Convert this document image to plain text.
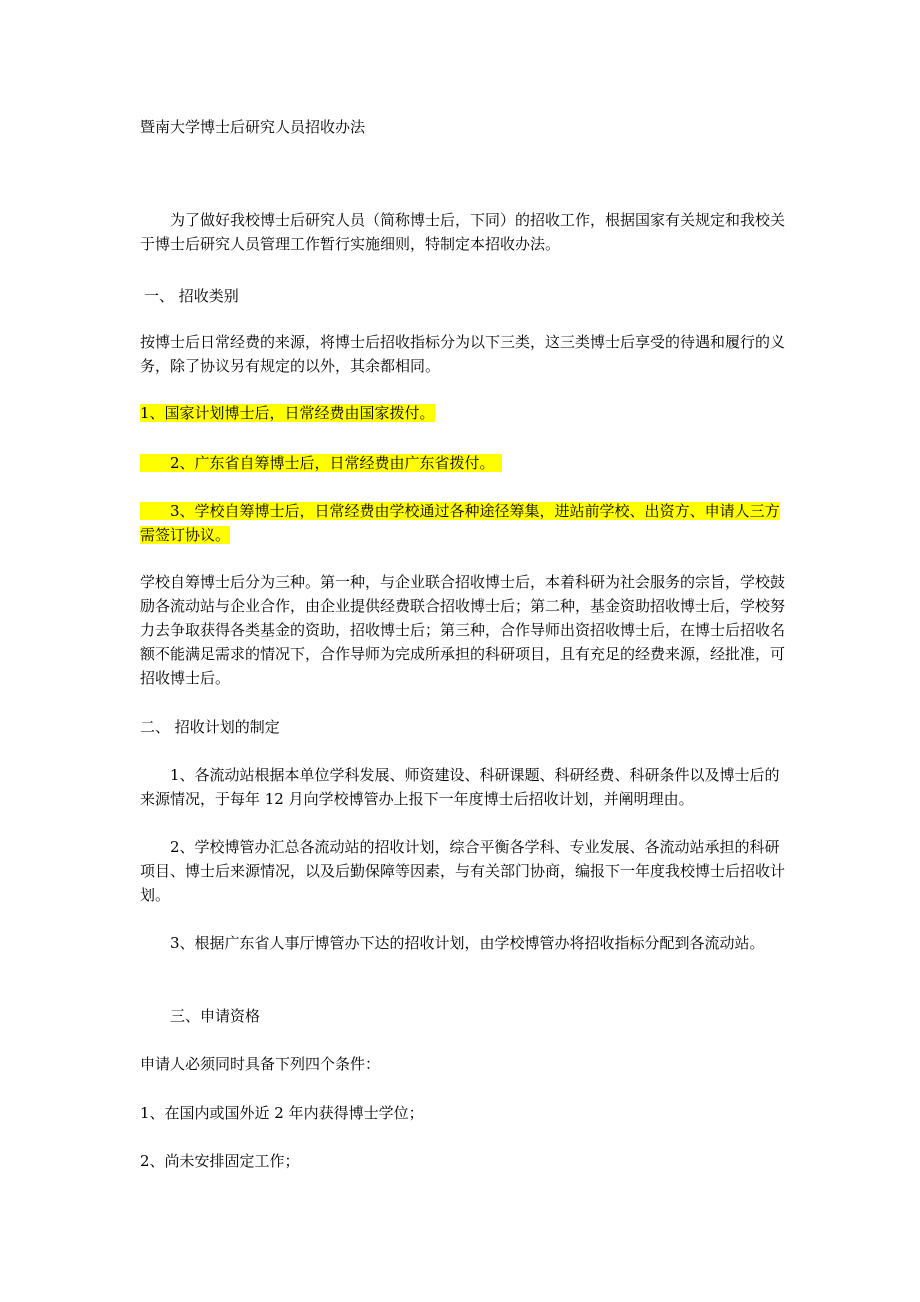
暨南大学博士后研究人员招收办法
为了做好我校博士后研究人员（简称博士后，下同）的招收工作，根据国家有关规定和我校关于博士后研究人员管理工作暂行实施细则，特制定本招收办法。
一、 招收类别
按博士后日常经费的来源，将博士后招收指标分为以下三类，这三类博士后享受的待遇和履行的义务，除了协议另有规定的以外，其余都相同。
1、国家计划博士后，日常经费由国家拨付。
　　2、广东省自筹博士后，日常经费由广东省拨付。　
　　3、学校自筹博士后，日常经费由学校通过各种途径筹集，进站前学校、出资方、申请人三方需签订协议。
学校自筹博士后分为三种。第一种，与企业联合招收博士后，本着科研为社会服务的宗旨，学校鼓励各流动站与企业合作，由企业提供经费联合招收博士后；第二种，基金资助招收博士后，学校努力去争取获得各类基金的资助，招收博士后；第三种，合作导师出资招收博士后，在博士后招收名额不能满足需求的情况下，合作导师为完成所承担的科研项目，且有充足的经费来源，经批准，可招收博士后。
二、 招收计划的制定
1、各流动站根据本单位学科发展、师资建设、科研课题、科研经费、科研条件以及博士后的来源情况，于每年 12 月向学校博管办上报下一年度博士后招收计划，并阐明理由。
2、学校博管办汇总各流动站的招收计划，综合平衡各学科、专业发展、各流动站承担的科研项目、博士后来源情况，以及后勤保障等因素，与有关部门协商，编报下一年度我校博士后招收计划。
3、根据广东省人事厅博管办下达的招收计划，由学校博管办将招收指标分配到各流动站。
三、申请资格
申请人必须同时具备下列四个条件：
1、在国内或国外近 2 年内获得博士学位；
2、尚未安排固定工作；
